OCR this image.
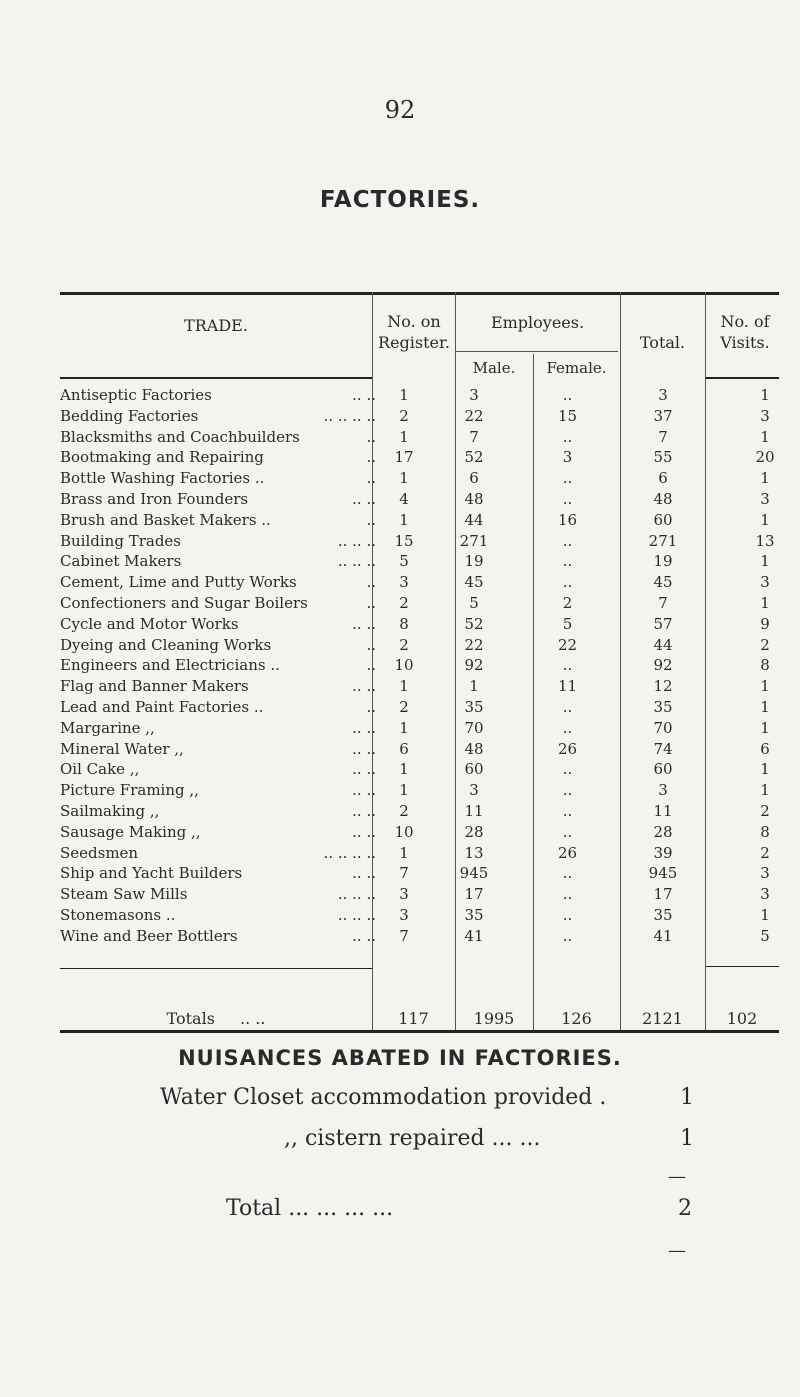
92
FACTORIES.
TRADE.	No. on Register.
Employees.
Male.	Female.
Total.
No. of Visits.
Antiseptic Factories	.. ..	1	3	..	3	1
Bedding Factories	.. .. .. ..	2	22	15	37	3
Blacksmiths and Coachbuilders	..	1	7	..	7	1
Bootmaking and Repairing	..	17	52	3	55	20
Bottle Washing Factories ..	..	1	6	..	6	1
Brass and Iron Founders	.. ..	4	48	..	48	3
Brush and Basket Makers ..	..	1	44	16	60	1
Building Trades	.. .. ..	15	271	..	271	13
Cabinet Makers	.. .. ..	5	19	..	19	1
Cement, Lime and Putty Works	..	3	45	..	45	3
Confectioners and Sugar Boilers	..	2	5	2	7	1
Cycle and Motor Works	.. ..	8	52	5	57	9
Dyeing and Cleaning Works	..	2	22	22	44	2
Engineers and Electricians ..	..	10	92	..	92	8
Flag and Banner Makers	.. ..	1	1	11	12	1
Lead and Paint Factories ..	..	2	35	..	35	1
Margarine ,,	.. ..	1	70	..	70	1
Mineral Water ,,	.. ..	6	48	26	74	6
Oil Cake ,,	.. ..	1	60	..	60	1
Picture Framing ,,	.. ..	1	3	..	3	1
Sailmaking ,,	.. ..	2	11	..	11	2
Sausage Making ,,	.. ..	10	28	..	28	8
Seedsmen	.. .. .. ..	1	13	26	39	2
Ship and Yacht Builders	.. ..	7	945	..	945	3
Steam Saw Mills	.. .. ..	3	17	..	17	3
Stonemasons ..	.. .. ..	3	35	..	35	1
Wine and Beer Bottlers	.. ..	7	41	..	41	5
Totals .. ..	117	1995	126	2121	102
NUISANCES ABATED IN FACTORIES.
Water Closet accommodation provided .	1
,, cistern repaired ... ...	1
—
Total ... ... ... ...	2
—
